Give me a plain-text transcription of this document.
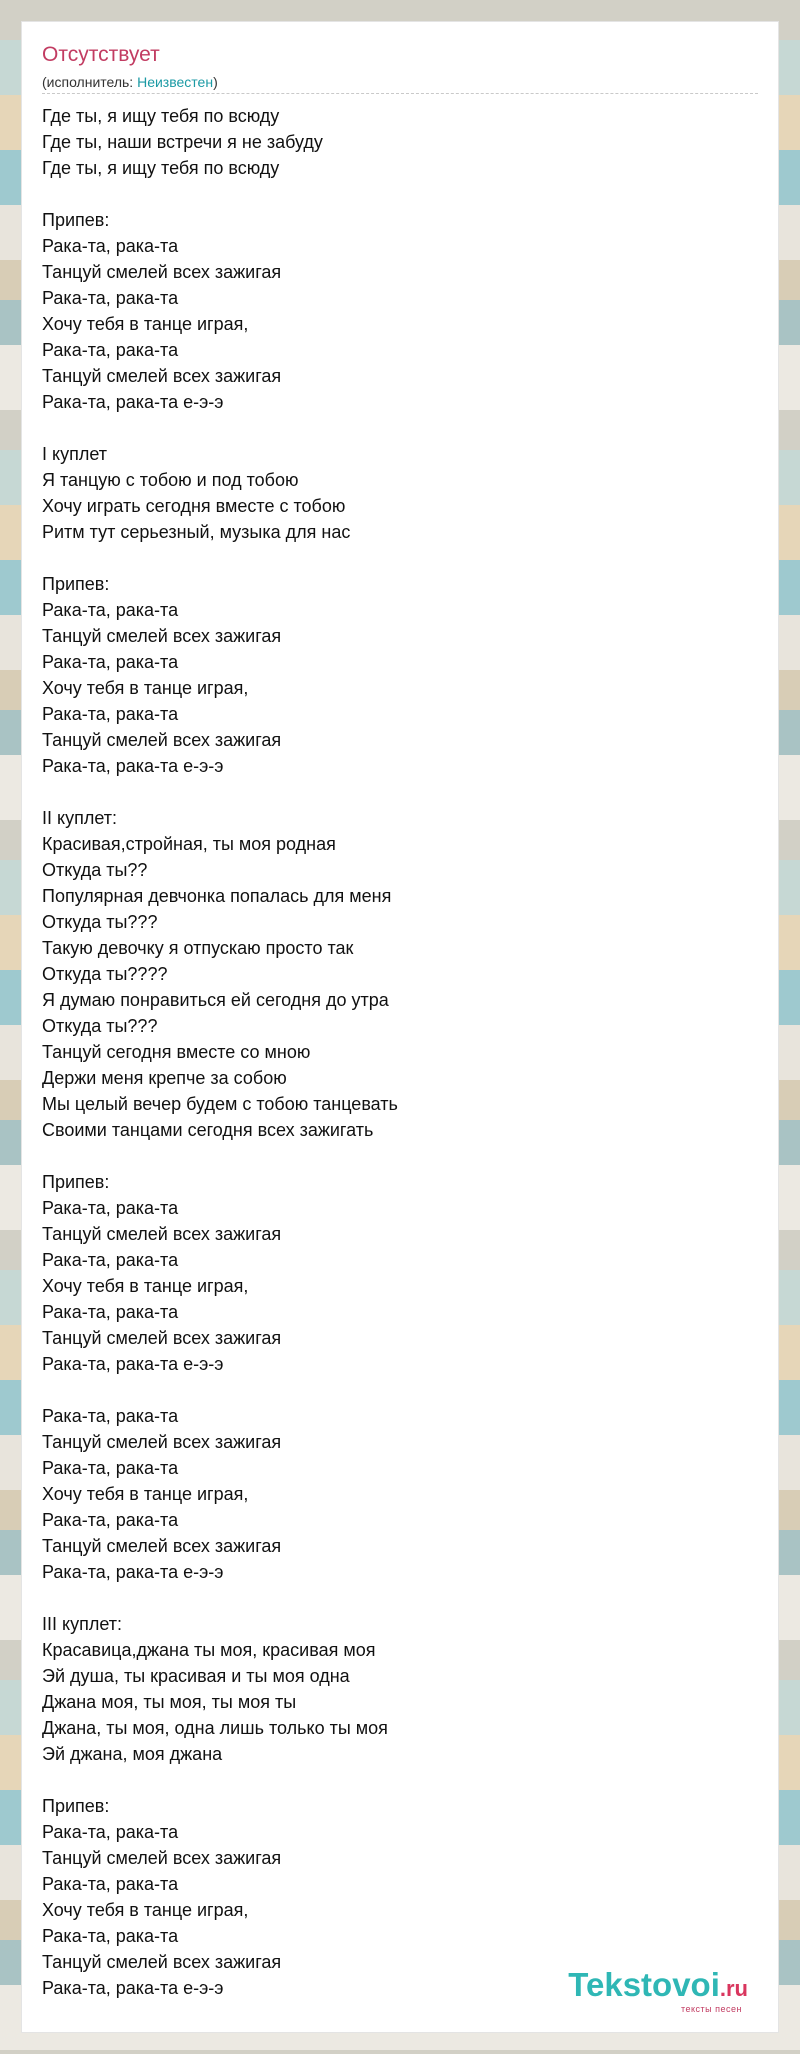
Отсутствует
(исполнитель: Неизвестен)
Где ты, я ищу тебя по всюду
Где ты, наши встречи я не забуду
Где ты, я ищу тебя по всюду
Припев:
Рака-та, рака-та
Танцуй смелей всех зажигая
Рака-та, рака-та
Хочу тебя в танце играя,
Рака-та, рака-та
Танцуй смелей всех зажигая
Рака-та, рака-та е-э-э
I куплет
Я танцую с тобою и под тобою
Хочу играть сегодня вместе с тобою
Ритм тут серьезный, музыка для нас
Припев:
Рака-та, рака-та
Танцуй смелей всех зажигая
Рака-та, рака-та
Хочу тебя в танце играя,
Рака-та, рака-та
Танцуй смелей всех зажигая
Рака-та, рака-та е-э-э
II куплет:
Красивая,стройная, ты моя родная
Откуда ты??
Популярная девчонка попалась для меня
Откуда ты???
Такую девочку я отпускаю просто так
Откуда ты????
Я думаю понравиться ей сегодня до утра
Откуда ты???
Танцуй сегодня вместе со мною
Держи меня крепче за собою
Мы целый вечер будем с тобою танцевать
Своими танцами сегодня всех зажигать
Припев:
Рака-та, рака-та
Танцуй смелей всех зажигая
Рака-та, рака-та
Хочу тебя в танце играя,
Рака-та, рака-та
Танцуй смелей всех зажигая
Рака-та, рака-та е-э-э
Рака-та, рака-та
Танцуй смелей всех зажигая
Рака-та, рака-та
Хочу тебя в танце играя,
Рака-та, рака-та
Танцуй смелей всех зажигая
Рака-та, рака-та е-э-э
III куплет:
Красавица,джана ты моя, красивая моя
Эй душа, ты красивая и ты моя одна
Джана моя, ты моя, ты моя ты
Джана, ты моя, одна лишь только ты моя
Эй джана, моя джана
Припев:
Рака-та, рака-та
Танцуй смелей всех зажигая
Рака-та, рака-та
Хочу тебя в танце играя,
Рака-та, рака-та
Танцуй смелей всех зажигая
Рака-та, рака-та е-э-э	Tekstovoi.ru
тексты песен
